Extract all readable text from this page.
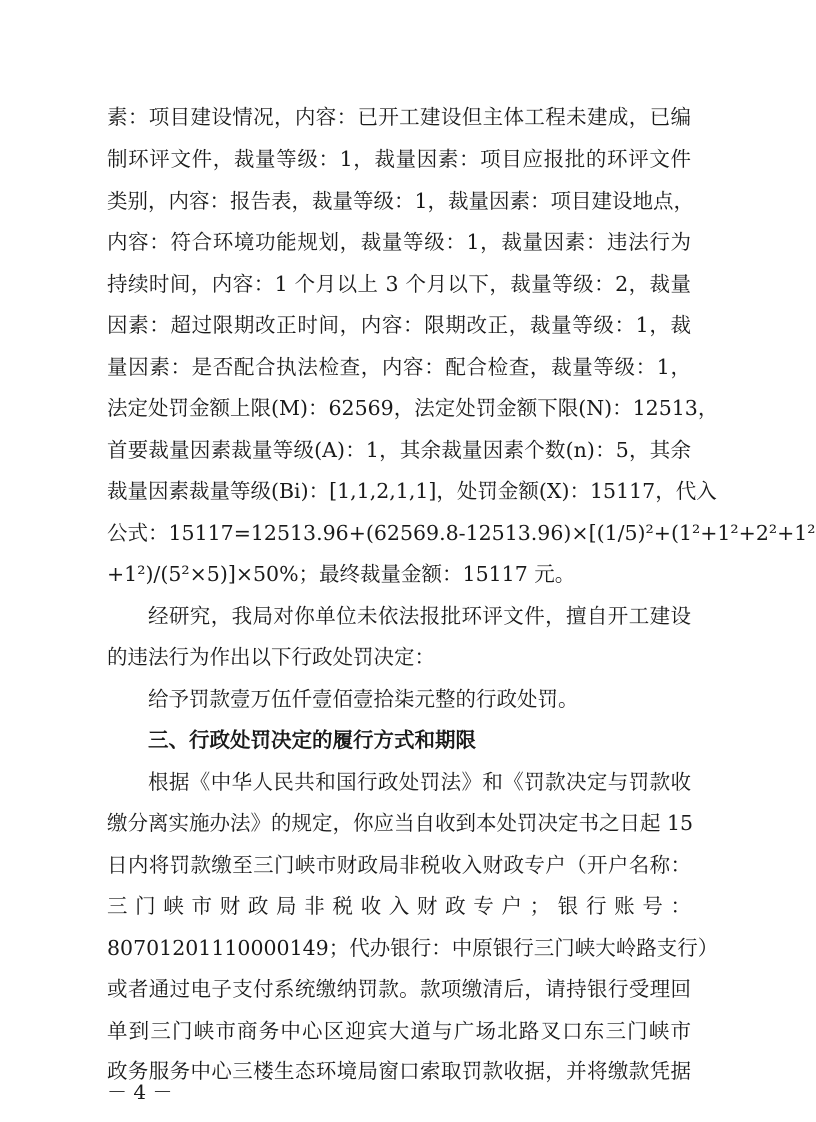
素：项目建设情况，内容：已开工建设但主体工程未建成，已编
制环评文件，裁量等级：1，裁量因素：项目应报批的环评文件
类别，内容：报告表，裁量等级：1，裁量因素：项目建设地点，
内容：符合环境功能规划，裁量等级：1，裁量因素：违法行为
持续时间，内容：1 个月以上 3 个月以下，裁量等级：2，裁量
因素：超过限期改正时间，内容：限期改正，裁量等级：1，裁
量因素：是否配合执法检查，内容：配合检查，裁量等级：1，
法定处罚金额上限(M)：62569，法定处罚金额下限(N)：12513，
首要裁量因素裁量等级(A)：1，其余裁量因素个数(n)：5，其余
裁量因素裁量等级(Bi)：[1,1,2,1,1]，处罚金额(X)：15117，代入
公式：15117=12513.96+(62569.8-12513.96)×[(1/5)²+(1²+1²+2²+1²
+1²)/(5²×5)]×50%；最终裁量金额：15117 元。
经研究，我局对你单位未依法报批环评文件，擅自开工建设
的违法行为作出以下行政处罚决定：
给予罚款壹万伍仟壹佰壹拾柒元整的行政处罚。
三、行政处罚决定的履行方式和期限
根据《中华人民共和国行政处罚法》和《罚款决定与罚款收
缴分离实施办法》的规定，你应当自收到本处罚决定书之日起 15
日内将罚款缴至三门峡市财政局非税收入财政专户（开户名称：
三门峡市财政局非税收入财政专户；银行账号：
80701201110000149；代办银行：中原银行三门峡大岭路支行）
或者通过电子支付系统缴纳罚款。款项缴清后，请持银行受理回
单到三门峡市商务中心区迎宾大道与广场北路叉口东三门峡市
政务服务中心三楼生态环境局窗口索取罚款收据，并将缴款凭据
－ 4 －
